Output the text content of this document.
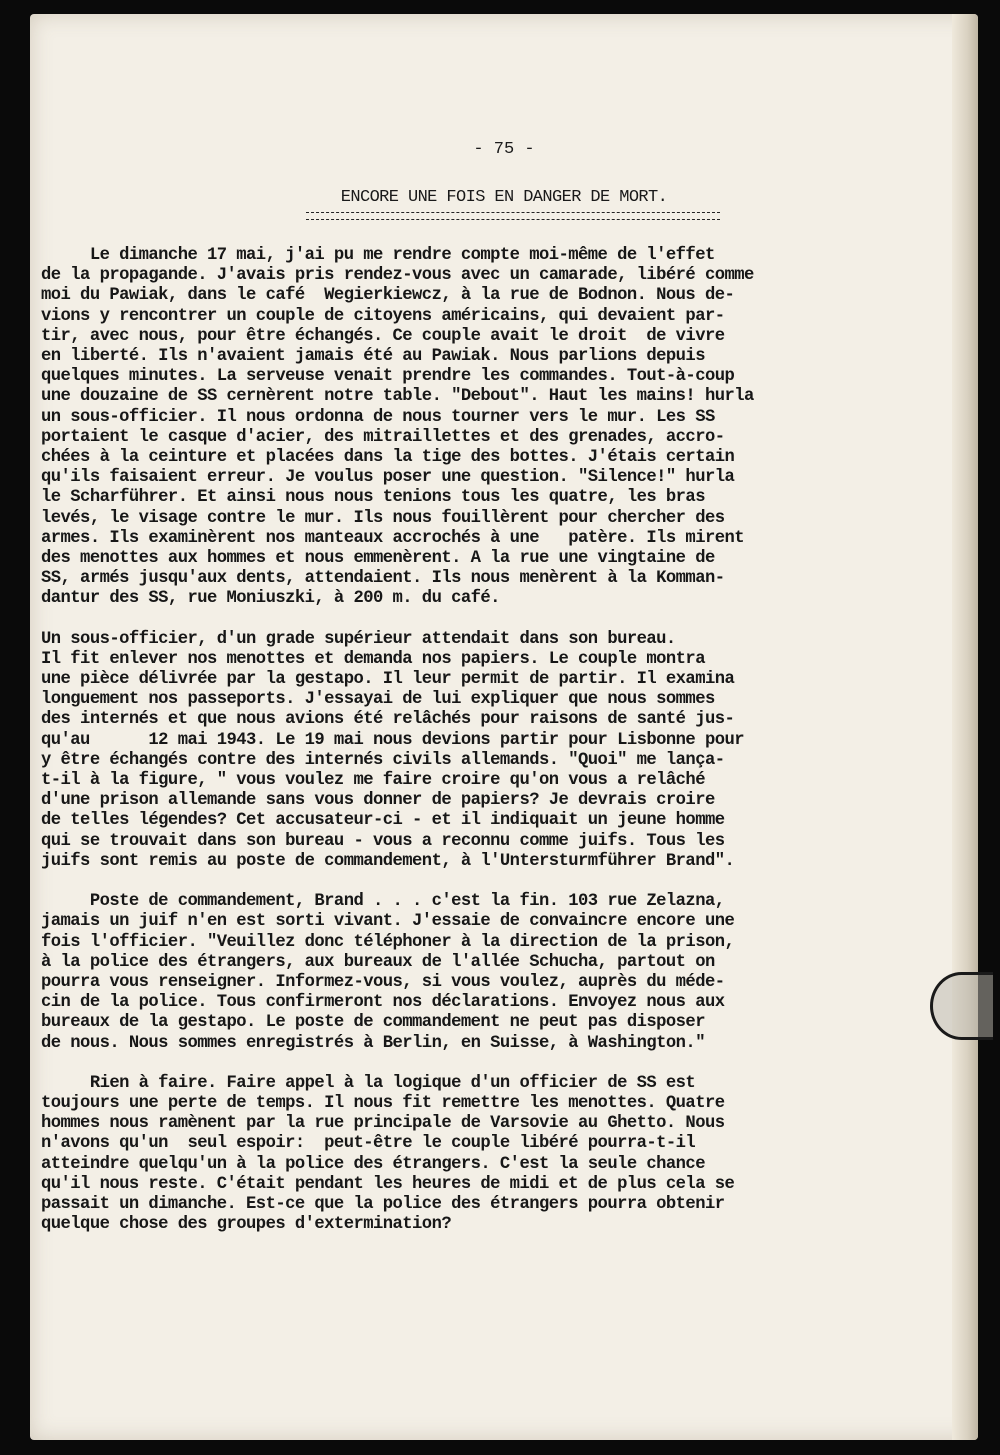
- 75 -
ENCORE UNE FOIS EN DANGER DE MORT.
Le dimanche 17 mai, j'ai pu me rendre compte moi-même de l'effet
de la propagande. J'avais pris rendez-vous avec un camarade, libéré comme
moi du Pawiak, dans le café  Wegierkiewcz, à la rue de Bodnon. Nous de-
vions y rencontrer un couple de citoyens américains, qui devaient par-
tir, avec nous, pour être échangés. Ce couple avait le droit  de vivre
en liberté. Ils n'avaient jamais été au Pawiak. Nous parlions depuis
quelques minutes. La serveuse venait prendre les commandes. Tout-à-coup
une douzaine de SS cernèrent notre table. "Debout". Haut les mains! hurla
un sous-officier. Il nous ordonna de nous tourner vers le mur. Les SS
portaient le casque d'acier, des mitraillettes et des grenades, accro-
chées à la ceinture et placées dans la tige des bottes. J'étais certain
qu'ils faisaient erreur. Je voulus poser une question. "Silence!" hurla
le Scharführer. Et ainsi nous nous tenions tous les quatre, les bras
levés, le visage contre le mur. Ils nous fouillèrent pour chercher des
armes. Ils examinèrent nos manteaux accrochés à une   patère. Ils mirent
des menottes aux hommes et nous emmenèrent. A la rue une vingtaine de
SS, armés jusqu'aux dents, attendaient. Ils nous menèrent à la Komman-
dantur des SS, rue Moniuszki, à 200 m. du café.
Un sous-officier, d'un grade supérieur attendait dans son bureau.
Il fit enlever nos menottes et demanda nos papiers. Le couple montra
une pièce délivrée par la gestapo. Il leur permit de partir. Il examina
longuement nos passeports. J'essayai de lui expliquer que nous sommes
des internés et que nous avions été relâchés pour raisons de santé jus-
qu'au      12 mai 1943. Le 19 mai nous devions partir pour Lisbonne pour
y être échangés contre des internés civils allemands. "Quoi" me lança-
t-il à la figure, " vous voulez me faire croire qu'on vous a relâché
d'une prison allemande sans vous donner de papiers? Je devrais croire
de telles légendes? Cet accusateur-ci - et il indiquait un jeune homme
qui se trouvait dans son bureau - vous a reconnu comme juifs. Tous les
juifs sont remis au poste de commandement, à l'Untersturmführer Brand".
Poste de commandement, Brand . . . c'est la fin. 103 rue Zelazna,
jamais un juif n'en est sorti vivant. J'essaie de convaincre encore une
fois l'officier. "Veuillez donc téléphoner à la direction de la prison,
à la police des étrangers, aux bureaux de l'allée Schucha, partout on
pourra vous renseigner. Informez-vous, si vous voulez, auprès du méde-
cin de la police. Tous confirmeront nos déclarations. Envoyez nous aux
bureaux de la gestapo. Le poste de commandement ne peut pas disposer
de nous. Nous sommes enregistrés à Berlin, en Suisse, à Washington."
Rien à faire. Faire appel à la logique d'un officier de SS est
toujours une perte de temps. Il nous fit remettre les menottes. Quatre
hommes nous ramènent par la rue principale de Varsovie au Ghetto. Nous
n'avons qu'un  seul espoir:  peut-être le couple libéré pourra-t-il
atteindre quelqu'un à la police des étrangers. C'est la seule chance
qu'il nous reste. C'était pendant les heures de midi et de plus cela se
passait un dimanche. Est-ce que la police des étrangers pourra obtenir
quelque chose des groupes d'extermination?
